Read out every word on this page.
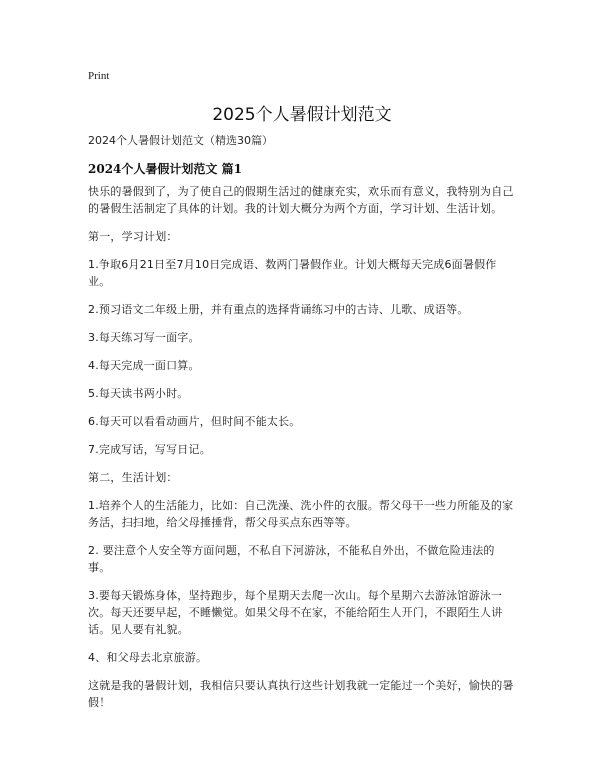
Print
2025个人暑假计划范文

2024个人暑假计划范文（精选30篇）

2024个人暑假计划范文 篇1

快乐的暑假到了，为了使自己的假期生活过的健康充实，欢乐而有意义，我特别为自己的暑假生活制定了具体的计划。我的计划大概分为两个方面，学习计划、生活计划。

第一，学习计划：

1.争取6月21日至7月10日完成语、数两门暑假作业。计划大概每天完成6面暑假作业。

2.预习语文二年级上册，并有重点的选择背诵练习中的古诗、儿歌、成语等。

3.每天练习写一面字。

4.每天完成一面口算。

5.每天读书两小时。

6.每天可以看看动画片，但时间不能太长。

7.完成写话，写写日记。

第二，生活计划：

1.培养个人的生活能力，比如：自己洗澡、洗小件的衣服。帮父母干一些力所能及的家务活，扫扫地，给父母捶捶背，帮父母买点东西等等。

2. 要注意个人安全等方面问题，不私自下河游泳，不能私自外出，不做危险违法的事。

3.要每天锻炼身体，坚持跑步，每个星期天去爬一次山。每个星期六去游泳馆游泳一次。每天还要早起，不睡懒觉。如果父母不在家，不能给陌生人开门，不跟陌生人讲话。见人要有礼貌。

4、和父母去北京旅游。

这就是我的暑假计划，我相信只要认真执行这些计划我就一定能过一个美好，愉快的暑假！
